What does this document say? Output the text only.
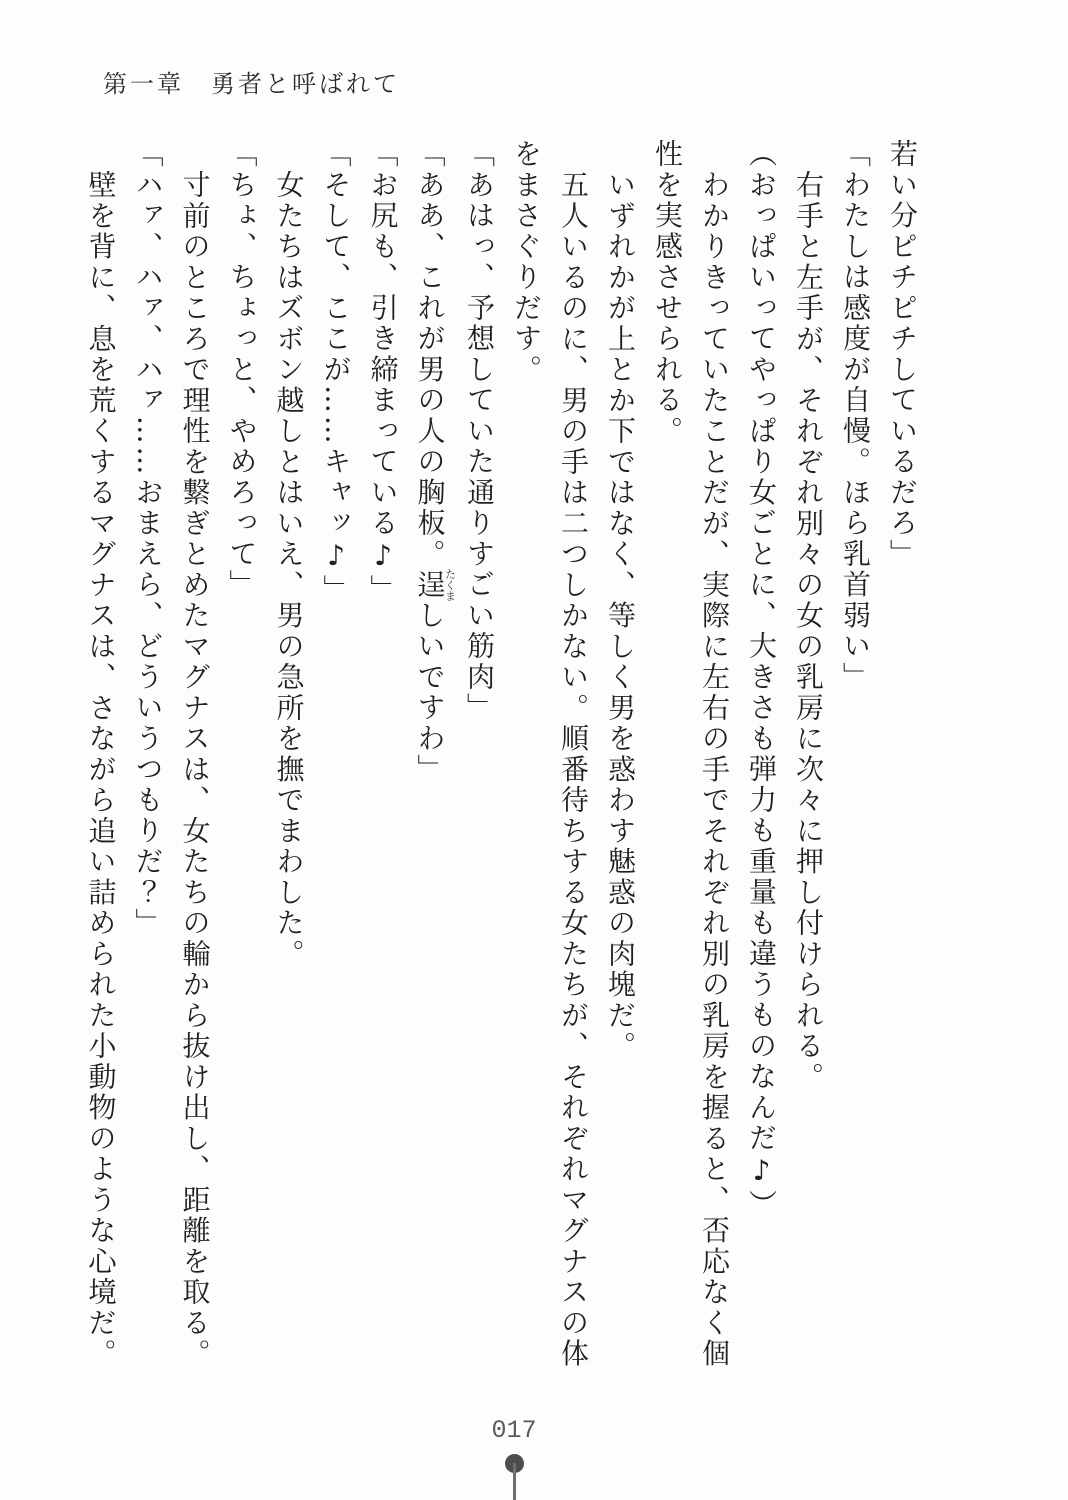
第一章　勇者と呼ばれて

若い分ピチピチしているだろ」

「わたしは感度が自慢。ほら乳首弱い」

右手と左手が、それぞれ別々の女の乳房に次々に押し付けられる。

（おっぱいってやっぱり女ごとに、大きさも弾力も重量も違うものなんだ♪）

わかりきっていたことだが、実際に左右の手でそれぞれ別の乳房を握ると、否応なく個性を実感させられる。

いずれかが上とか下ではなく、等しく男を惑わす魅惑の肉塊だ。

五人いるのに、男の手は二つしかない。順番待ちする女たちが、それぞれマグナスの体をまさぐりだす。

「あはっ、予想していた通りすごい筋肉」

「ああ、これが男の人の胸板。逞たくましいですわ」

「お尻も、引き締まっている♪」

「そして、ここが……キャッ♪」

女たちはズボン越しとはいえ、男の急所を撫でまわした。

「ちょ、ちょっと、やめろって」

寸前のところで理性を繋ぎとめたマグナスは、女たちの輪から抜け出し、距離を取る。

「ハァ、ハァ、ハァ……おまえら、どういうつもりだ？」

壁を背に、息を荒くするマグナスは、さながら追い詰められた小動物のような心境だ。

017
